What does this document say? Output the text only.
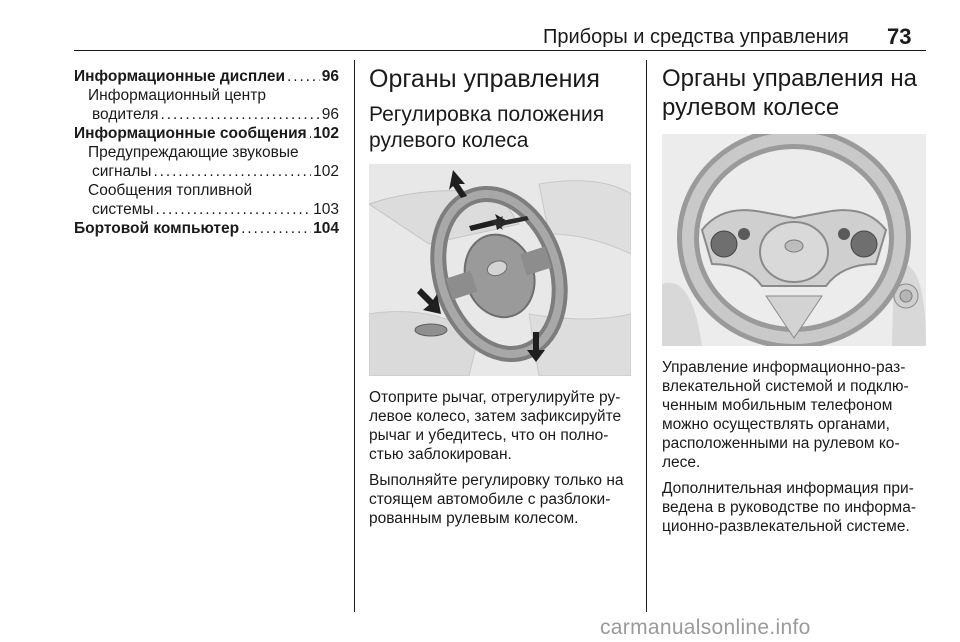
Приборы и средства управления 73
Информационные дисплеи . . . 96
Информационный центр
водителя . . .	96
Информационные сообщения . . . 102
Предупреждающие звуковые
сигналы . . .	102
Сообщения топливной
системы . . .	103
Бортовой компьютер . . .	104
Органы управления
Регулировка положения рулевого колеса

Отоприте рычаг, отрегулируйте рулевое колесо, затем зафиксируйте рычаг и убедитесь, что он полностью заблокирован.

Выполняйте регулировку только на стоящем автомобиле с разблокированным рулевым колесом.

Органы управления на рулевом колесе

Управление информационно-развлекательной системой и подключенным мобильным телефоном можно осуществлять органами, расположенными на рулевом колесе.

Дополнительная информация приведена в руководстве по информационно-развлекательной системе.

carmanualsonline.info
